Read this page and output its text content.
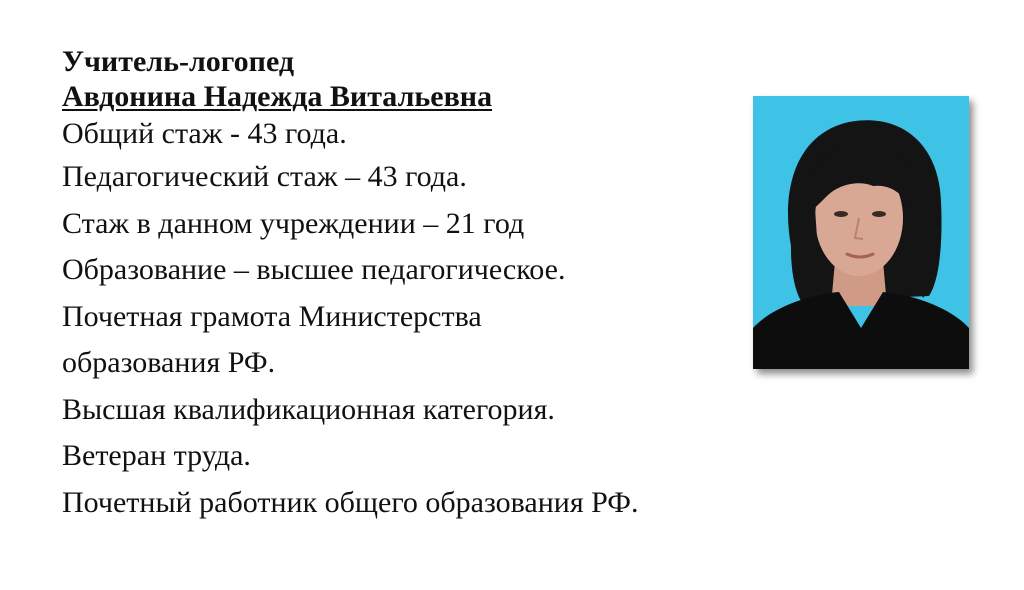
Учитель-логопед

Авдонина Надежда Витальевна

Общий стаж - 43 года.
Педагогический стаж – 43 года.
Стаж в данном учреждении – 21 год
Образование – высшее педагогическое.
Почетная грамота Министерства
образования РФ.
Высшая квалификационная категория.
Ветеран труда.
Почетный работник общего образования РФ.
